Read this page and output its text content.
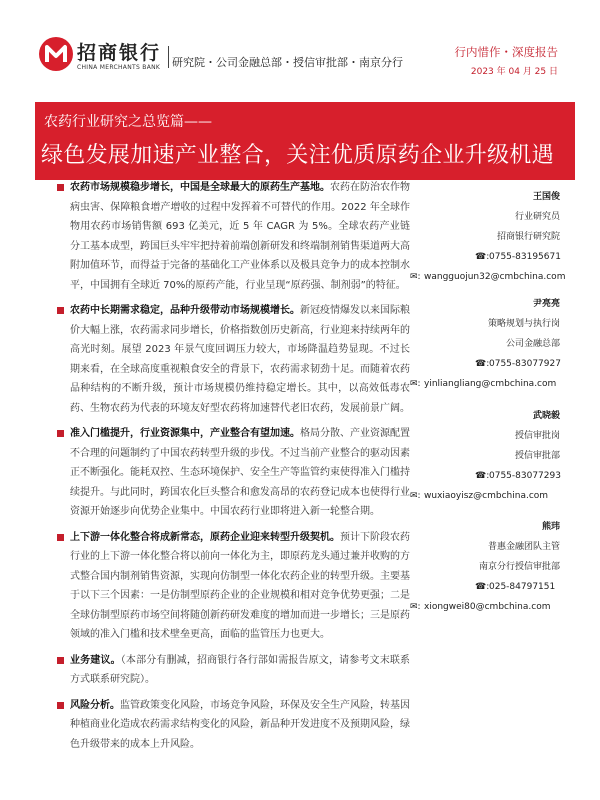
招商银行
CHINA MERCHANTS BANK 研究院・公司金融总部・授信审批部・南京分行
行内惜作・深度报告
2023 年 04 月 25 日
农药行业研究之总览篇——
绿色发展加速产业整合，关注优质原药企业升级机遇
农药市场规模稳步增长，中国是全球最大的原药生产基地。农药在防治农作物病虫害、保障粮食增产增收的过程中发挥着不可替代的作用。2022 年全球作物用农药市场销售额 693 亿美元，近 5 年 CAGR 为 5%。全球农药产业链分工基本成型，跨国巨头牢牢把持着前端创新研发和终端制剂销售渠道两大高附加值环节，而得益于完备的基础化工产业体系以及极具竞争力的成本控制水平，中国拥有全球近 70%的原药产能，行业呈现“原药强、制剂弱”的特征。
农药中长期需求稳定，品种升级带动市场规模增长。新冠疫情爆发以来国际粮价大幅上涨，农药需求同步增长，价格指数创历史新高，行业迎来持续两年的高光时刻。展望 2023 年景气度回调压力较大，市场降温趋势显现。不过长期来看，在全球高度重视粮食安全的背景下，农药需求韧劲十足。而随着农药品种结构的不断升级，预计市场规模仍维持稳定增长。其中，以高效低毒农药、生物农药为代表的环境友好型农药将加速替代老旧农药，发展前景广阔。
准入门槛提升，行业资源集中，产业整合有望加速。格局分散、产业资源配置不合理的问题制约了中国农药转型升级的步伐。不过当前产业整合的驱动因素正不断强化。能耗双控、生态环境保护、安全生产等监管约束使得准入门槛持续提升。与此同时，跨国农化巨头整合和愈发高昂的农药登记成本也使得行业资源开始逐步向优势企业集中。中国农药行业即将进入新一轮整合期。
上下游一体化整合将成新常态，原药企业迎来转型升级契机。预计下阶段农药行业的上下游一体化整合将以前向一体化为主，即原药龙头通过兼并收购的方式整合国内制剂销售资源，实现向仿制型一体化农药企业的转型升级。主要基于以下三个因素：一是仿制型原药企业的企业规模和相对竞争优势更强；二是全球仿制型原药市场空间将随创新药研发难度的增加而进一步增长；三是原药领域的准入门槛和技术壁垒更高，面临的监管压力也更大。
业务建议。（本部分有删减，招商银行各行部如需报告原文，请参考文末联系方式联系研究院）。
风险分析。监管政策变化风险，市场竞争风险，环保及安全生产风险，转基因种植商业化造成农药需求结构变化的风险，新品种开发进度不及预期风险，绿色升级带来的成本上升风险。
王国俊
行业研究员
招商银行研究院
☎:0755-83195671
✉: wangguojun32@cmbchina.com
尹亮亮
策略规划与执行岗
公司金融总部
☎:0755-83077927
✉: yinliangliang@cmbchina.com
武晓毅
授信审批岗
授信审批部
☎:0755-83077293
✉: wuxiaoyisz@cmbchina.com
熊玮
普惠金融团队主管
南京分行授信审批部
☎:025-84797151
✉: xiongwei80@cmbchina.com
